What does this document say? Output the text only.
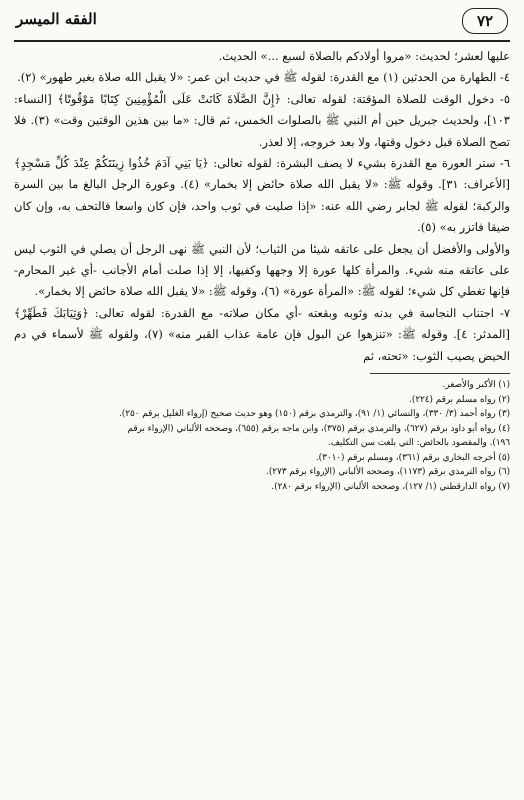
٧٢
الفقه الميسر

عليها لعشر؛ لحديث: «مروا أولادكم بالصلاة لسبع ...» الحديث.

٤- الطهارة من الحدثين (١) مع القدرة: لقوله ﷺ في حديث ابن عمر: «لا يقبل الله صلاة بغير طهور» (٢).

٥- دخول الوقت للصلاة المؤقتة: لقوله تعالى: ﴿إِنَّ الصَّلَاةَ كَانَتْ عَلَى الْمُؤْمِنِينَ كِتَابًا مَوْقُوتًا﴾ [النساء: ١٠٣]، ولحديث جبريل حين أم النبي ﷺ بالصلوات الخمس، ثم قال: «ما بين هذين الوقتين وقت» (٣). فلا تصح الصلاة قبل دخول وقتها، ولا بعد خروجه، إلا لعذر.

٦- ستر العورة مع القدرة بشيء لا يصف البشرة: لقوله تعالى: ﴿يَا بَنِي آدَمَ خُذُوا زِينَتَكُمْ عِنْدَ كُلِّ مَسْجِدٍ﴾ [الأعراف: ٣١]. وقوله ﷺ: «لا يقبل الله صلاة حائض إلا بخمار» (٤). وعورة الرجل البالغ ما بين السرة والركبة؛ لقوله ﷺ لجابر رضي الله عنه: «إذا صليت في ثوب واحد، فإن كان واسعا فالتحف به، وإن كان ضيقا فاتزر به» (٥).

والأولى والأفضل أن يجعل على عاتقه شيئا من الثياب؛ لأن النبي ﷺ نهى الرجل أن يصلي في الثوب ليس على عاتقه منه شيء. والمرأة كلها عورة إلا وجهها وكفيها، إلا إذا صلت أمام الأجانب -أي غير المحارم- فإنها تغطي كل شيء؛ لقوله ﷺ: «المرأة عورة» (٦)، وقوله ﷺ: «لا يقبل الله صلاة حائض إلا بخمار».

٧- اجتناب النجاسة في بدنه وثوبه وبقعته -أي مكان صلاته- مع القدرة: لقوله تعالى: ﴿وَثِيَابَكَ فَطَهِّرْ﴾ [المدثر: ٤]. وقوله ﷺ: «تنزهوا عن البول فإن عامة عذاب القبر منه» (٧)، ولقوله ﷺ لأسماء في دم الحيض يصيب الثوب: «تحته، ثم

(١) الأكبر والأصغر.
(٢) رواه مسلم برقم (٢٢٤).
(٣) رواه أحمد (٣/ ٣٣٠)، والنسائي (١/ ٩١)، والترمذي برقم (١٥٠) وهو حديث صحيح (إرواء الغليل برقم ٢٥٠).
(٤) رواه أبو داود برقم (٦٢٧)، والترمذي برقم (٣٧٥)، وابن ماجه برقم (٦٥٥)، وصححه الألباني (الإرواء برقم
١٩٦). والمقصود بالحائض: التي بلغت سن التكليف.
(٥) أخرجه البخاري برقم (٣٦١)، ومسلم برقم (٣٠١٠).
(٦) رواه الترمذي برقم (١١٧٣)، وصححه الألباني (الإرواء برقم ٢٧٣).
(٧) رواه الدارقطني (١/ ١٢٧)، وصححه الألباني (الإرواء برقم ٢٨٠).
